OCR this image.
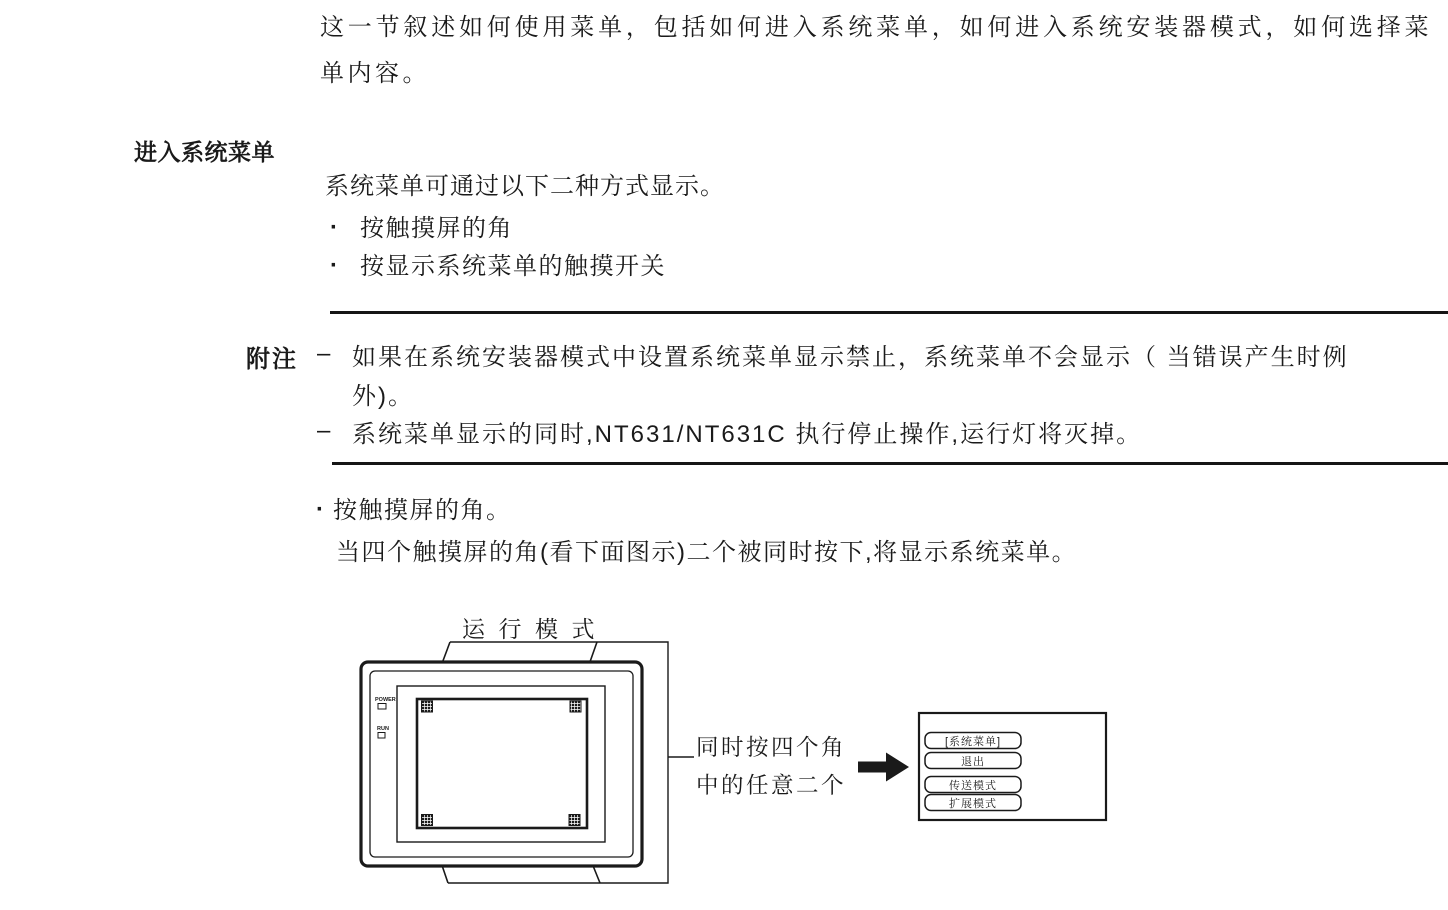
这一节叙述如何使用菜单，包括如何进入系统菜单，如何进入系统安装器模式，如何选择菜单内容。
进入系统菜单
系统菜单可通过以下二种方式显示。
· 按触摸屏的角
· 按显示系统菜单的触摸开关
附注 – 如果在系统安装器模式中设置系统菜单显示禁止，系统菜单不会显示（ 当错误产生时例外)。
– 系统菜单显示的同时,NT631/NT631C 执行停止操作,运行灯将灭掉。
· 按触摸屏的角。
当四个触摸屏的角(看下面图示)二个被同时按下,将显示系统菜单。
运行模式
POWER
RUN
同时按四个角
中的任意二个
[系统菜单]
退出
传送模式
扩展模式
